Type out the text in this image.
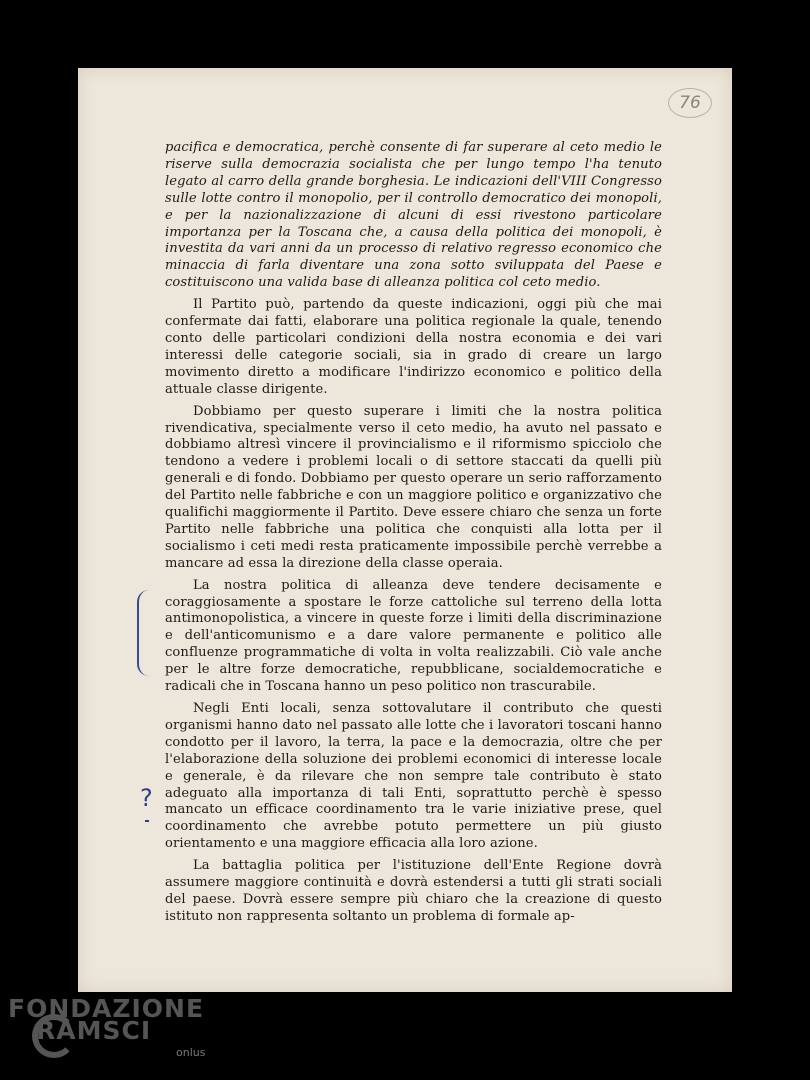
76

pacifica e democratica, perchè consente di far superare al ceto medio le riserve sulla democrazia socialista che per lungo tempo l'ha tenuto legato al carro della grande borghesia. Le indicazioni dell'VIII Congresso sulle lotte contro il monopolio, per il controllo democratico dei monopoli, e per la nazionalizzazione di alcuni di essi rivestono particolare importanza per la Toscana che, a causa della politica dei monopoli, è investita da vari anni da un processo di relativo regresso economico che minaccia di farla diventare una zona sotto sviluppata del Paese e costituiscono una valida base di alleanza politica col ceto medio.

Il Partito può, partendo da queste indicazioni, oggi più che mai confermate dai fatti, elaborare una politica regionale la quale, tenendo conto delle particolari condizioni della nostra economia e dei vari interessi delle categorie sociali, sia in grado di creare un largo movimento diretto a modificare l'indirizzo economico e politico della attuale classe dirigente.

Dobbiamo per questo superare i limiti che la nostra politica rivendicativa, specialmente verso il ceto medio, ha avuto nel passato e dobbiamo altresì vincere il provincialismo e il riformismo spicciolo che tendono a vedere i problemi locali o di settore staccati da quelli più generali e di fondo. Dobbiamo per questo operare un serio rafforzamento del Partito nelle fabbriche e con un maggiore politico e organizzativo che qualifichi maggiormente il Partito. Deve essere chiaro che senza un forte Partito nelle fabbriche una politica che conquisti alla lotta per il socialismo i ceti medi resta praticamente impossibile perchè verrebbe a mancare ad essa la direzione della classe operaia.

La nostra politica di alleanza deve tendere decisamente e coraggiosamente a spostare le forze cattoliche sul terreno della lotta antimonopolistica, a vincere in queste forze i limiti della discriminazione e dell'anticomunismo e a dare valore permanente e politico alle confluenze programmatiche di volta in volta realizzabili. Ciò vale anche per le altre forze democratiche, repubblicane, socialdemocratiche e radicali che in Toscana hanno un peso politico non trascurabile.

Negli Enti locali, senza sottovalutare il contributo che questi organismi hanno dato nel passato alle lotte che i lavoratori toscani hanno condotto per il lavoro, la terra, la pace e la democrazia, oltre che per l'elaborazione della soluzione dei problemi economici di interesse locale e generale, è da rilevare che non sempre tale contributo è stato adeguato alla importanza di tali Enti, soprattutto perchè è spesso mancato un efficace coordinamento tra le varie iniziative prese, quel coordinamento che avrebbe potuto permettere un più giusto orientamento e una maggiore efficacia alla loro azione.

La battaglia politica per l'istituzione dell'Ente Regione dovrà assumere maggiore continuità e dovrà estendersi a tutti gli strati sociali del paese. Dovrà essere sempre più chiaro che la creazione di questo istituto non rappresenta soltanto un problema di formale ap-

?
FONDAZIONE
RAMSCI
onlus
